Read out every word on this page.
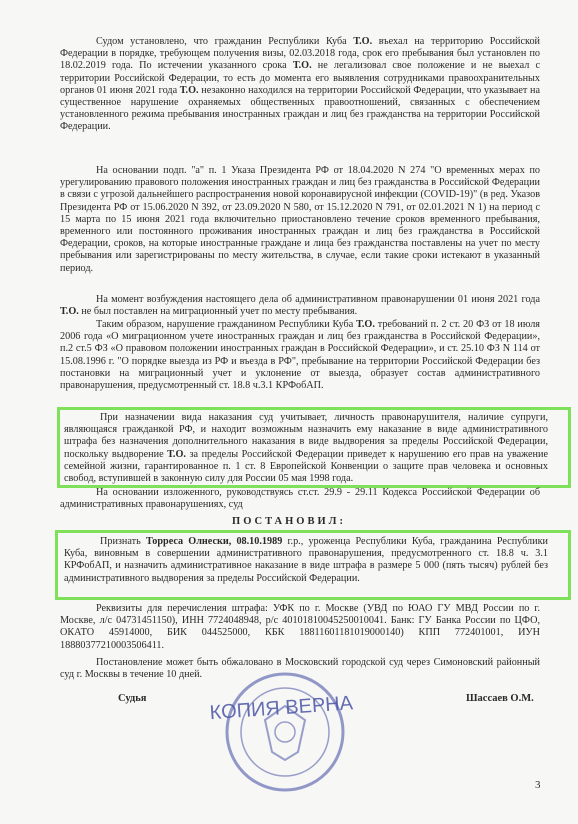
Судом установлено, что гражданин Республики Куба Т.О. въехал на территорию Российской Федерации в порядке, требующем получения визы, 02.03.2018 года, срок его пребывания был установлен по 18.02.2019 года. По истечении указанного срока Т.О. не легализовал свое положение и не выехал с территории Российской Федерации, то есть до момента его выявления сотрудниками правоохранительных органов 01 июня 2021 года Т.О. незаконно находился на территории Российской Федерации, что указывает на существенное нарушение охраняемых общественных правоотношений, связанных с обеспечением установленного режима пребывания иностранных граждан и лиц без гражданства на территории Российской Федерации.

На основании подп. "а" п. 1 Указа Президента РФ от 18.04.2020 N 274 "О временных мерах по урегулированию правового положения иностранных граждан и лиц без гражданства в Российской Федерации в связи с угрозой дальнейшего распространения новой коронавирусной инфекции (COVID-19)" (в ред. Указов Президента РФ от 15.06.2020 N 392, от 23.09.2020 N 580, от 15.12.2020 N 791, от 02.01.2021 N 1) на период с 15 марта по 15 июня 2021 года включительно приостановлено течение сроков временного пребывания, временного или постоянного проживания иностранных граждан и лиц без гражданства в Российской Федерации, сроков, на которые иностранные граждане и лица без гражданства поставлены на учет по месту пребывания или зарегистрированы по месту жительства, в случае, если такие сроки истекают в указанный период.

На момент возбуждения настоящего дела об административном правонарушении 01 июня 2021 года Т.О. не был поставлен на миграционный учет по месту пребывания.

Таким образом, нарушение гражданином Республики Куба Т.О. требований п. 2 ст. 20 ФЗ от 18 июля 2006 года «О миграционном учете иностранных граждан и лиц без гражданства в Российской Федерации», п.2 ст.5 ФЗ «О правовом положении иностранных граждан в Российской Федерации», и ст. 25.10 ФЗ N 114 от 15.08.1996 г. "О порядке выезда из РФ и въезда в РФ", пребывание на территории Российской Федерации без постановки на миграционный учет и уклонение от выезда, образует состав административного правонарушения, предусмотренный ст. 18.8 ч.3.1 КРФобАП.

При назначении вида наказания суд учитывает, личность правонарушителя, наличие супруги, являющаяся гражданкой РФ, и находит возможным назначить ему наказание в виде административного штрафа без назначения дополнительного наказания в виде выдворения за пределы Российской Федерации, поскольку выдворение Т.О. за пределы Российской Федерации приведет к нарушению его прав на уважение семейной жизни, гарантированное п. 1 ст. 8 Европейской Конвенции о защите прав человека и основных свобод, вступившей в законную силу для России 05 мая 1998 года.

На основании изложенного, руководствуясь ст.ст. 29.9 - 29.11 Кодекса Российской Федерации об административных правонарушениях, суд

ПОСТАНОВИЛ:

Признать Торреса Олнески, 08.10.1989 г.р., уроженца Республики Куба, гражданина Республики Куба, виновным в совершении административного правонарушения, предусмотренного ст. 18.8 ч. 3.1 КРФобАП, и назначить административное наказание в виде штрафа в размере 5 000 (пять тысяч) рублей без административного выдворения за пределы Российской Федерации.

Реквизиты для перечисления штрафа: УФК по г. Москве (УВД по ЮАО ГУ МВД России по г. Москве, л/с 04731451150), ИНН 7724048948, р/с 40101810045250010041. Банк: ГУ Банка России по ЦФО, ОКАТО 45914000, БИК 044525000, КБК 18811601181019000140) КПП 772401001, ИУН 18880377210003506411.

Постановление может быть обжаловано в Московский городской суд через Симоновский районный суд г. Москвы в течение 10 дней.

Судья	Шассаев О.М.
КОПИЯ ВЕРНА
3
